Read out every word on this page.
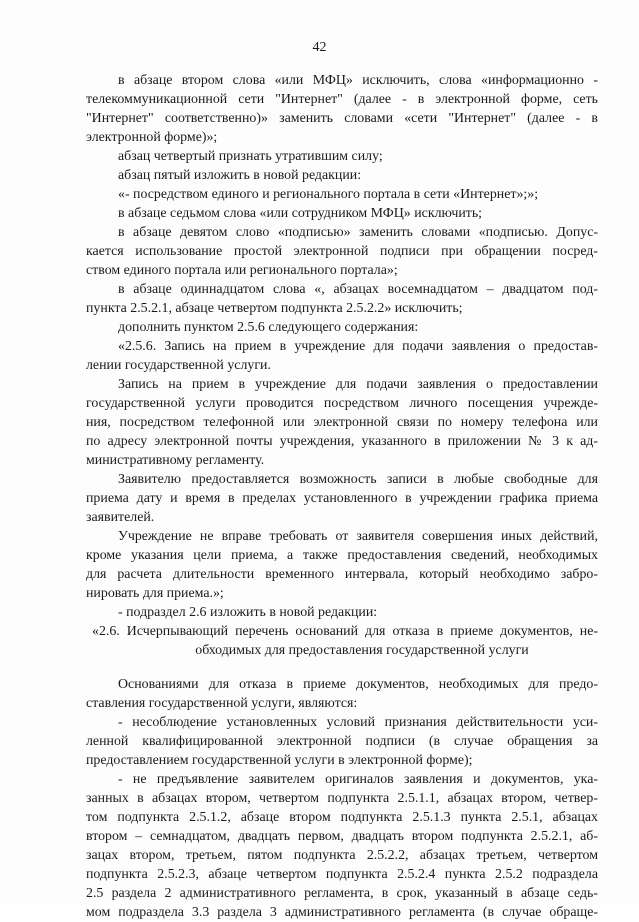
42
в абзаце втором слова «или МФЦ» исключить, слова «информационно -
телекоммуникационной сети "Интернет" (далее - в электронной форме, сеть
"Интернет" соответственно)» заменить словами «сети "Интернет" (далее - в
электронной форме)»;
абзац четвертый признать утратившим силу;
абзац пятый изложить в новой редакции:
«- посредством единого и регионального портала в сети «Интернет»;»;
в абзаце седьмом слова «или сотрудником МФЦ» исключить;
в абзаце девятом слово «подписью» заменить словами «подписью. Допус-
кается использование простой электронной подписи при обращении посред-
ством единого портала или регионального портала»;
в абзаце одиннадцатом слова «, абзацах восемнадцатом – двадцатом под-
пункта 2.5.2.1, абзаце четвертом подпункта 2.5.2.2» исключить;
дополнить пунктом 2.5.6 следующего содержания:
«2.5.6. Запись на прием в учреждение для подачи заявления о предостав-
лении государственной услуги.
Запись на прием в учреждение для подачи заявления о предоставлении
государственной услуги проводится посредством личного посещения учрежде-
ния, посредством телефонной или электронной связи по номеру телефона или
по адресу электронной почты учреждения, указанного в приложении № 3 к ад-
министративному регламенту.
Заявителю предоставляется возможность записи в любые свободные для
приема дату и время в пределах установленного в учреждении графика приема
заявителей.
Учреждение не вправе требовать от заявителя совершения иных действий,
кроме указания цели приема, а также предоставления сведений, необходимых
для расчета длительности временного интервала, который необходимо забро-
нировать для приема.»;
- подраздел 2.6 изложить в новой редакции:
«2.6. Исчерпывающий перечень оснований для отказа в приеме документов, не-
обходимых для предоставления государственной услуги
Основаниями для отказа в приеме документов, необходимых для предо-
ставления государственной услуги, являются:
- несоблюдение установленных условий признания действительности уси-
ленной квалифицированной электронной подписи (в случае обращения за
предоставлением государственной услуги в электронной форме);
- не предъявление заявителем оригиналов заявления и документов, ука-
занных в абзацах втором, четвертом подпункта 2.5.1.1, абзацах втором, четвер-
том подпункта 2.5.1.2, абзаце втором подпункта 2.5.1.3 пункта 2.5.1, абзацах
втором – семнадцатом, двадцать первом, двадцать втором подпункта 2.5.2.1, аб-
зацах втором, третьем, пятом подпункта 2.5.2.2, абзацах третьем, четвертом
подпункта 2.5.2.3, абзаце четвертом подпункта 2.5.2.4 пункта 2.5.2 подраздела
2.5 раздела 2 административного регламента, в срок, указанный в абзаце седь-
мом подраздела 3.3 раздела 3 административного регламента (в случае обраще-
